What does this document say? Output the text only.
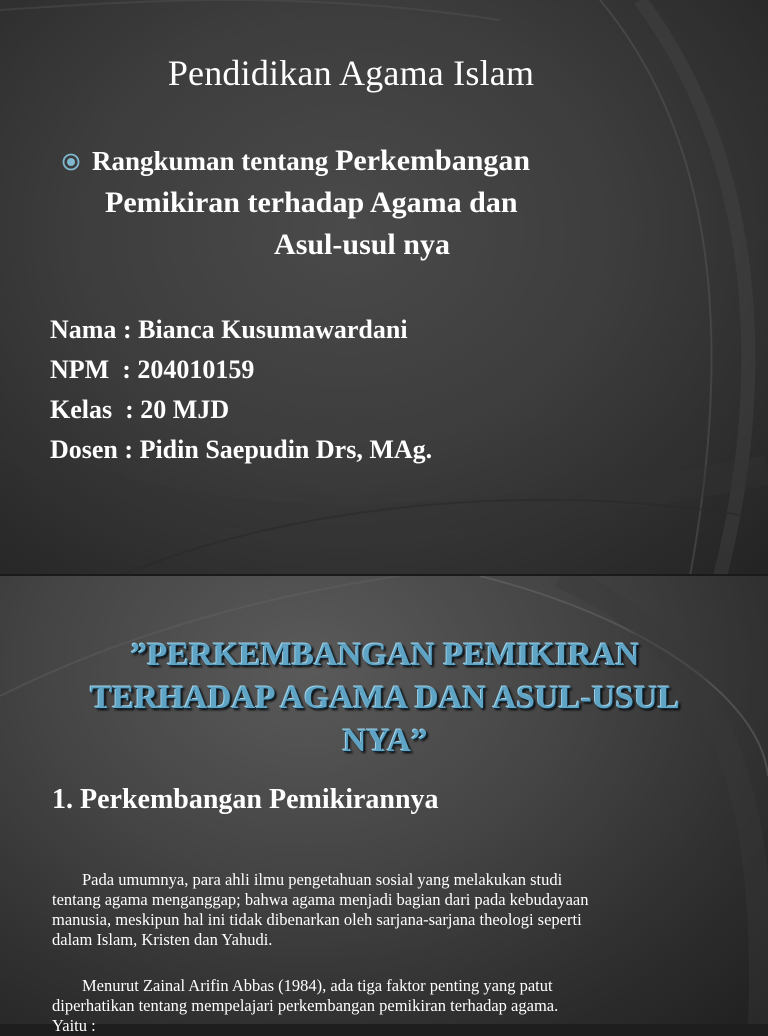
Pendidikan Agama Islam
Rangkuman tentang Perkembangan
Pemikiran terhadap Agama dan
Asul-usul nya
Nama : Bianca Kusumawardani
NPM  : 204010159
Kelas  : 20 MJD
Dosen : Pidin Saepudin Drs, MAg.
”PERKEMBANGAN PEMIKIRAN
TERHADAP AGAMA DAN ASUL-USUL
NYA”
1. Perkembangan Pemikirannya
Pada umumnya, para ahli ilmu pengetahuan sosial yang melakukan studi
tentang agama menganggap; bahwa agama menjadi bagian dari pada kebudayaan
manusia, meskipun hal ini tidak dibenarkan oleh sarjana-sarjana theologi seperti
dalam Islam, Kristen dan Yahudi.
Menurut Zainal Arifin Abbas (1984), ada tiga faktor penting yang patut
diperhatikan tentang mempelajari perkembangan pemikiran terhadap agama.
Yaitu :
